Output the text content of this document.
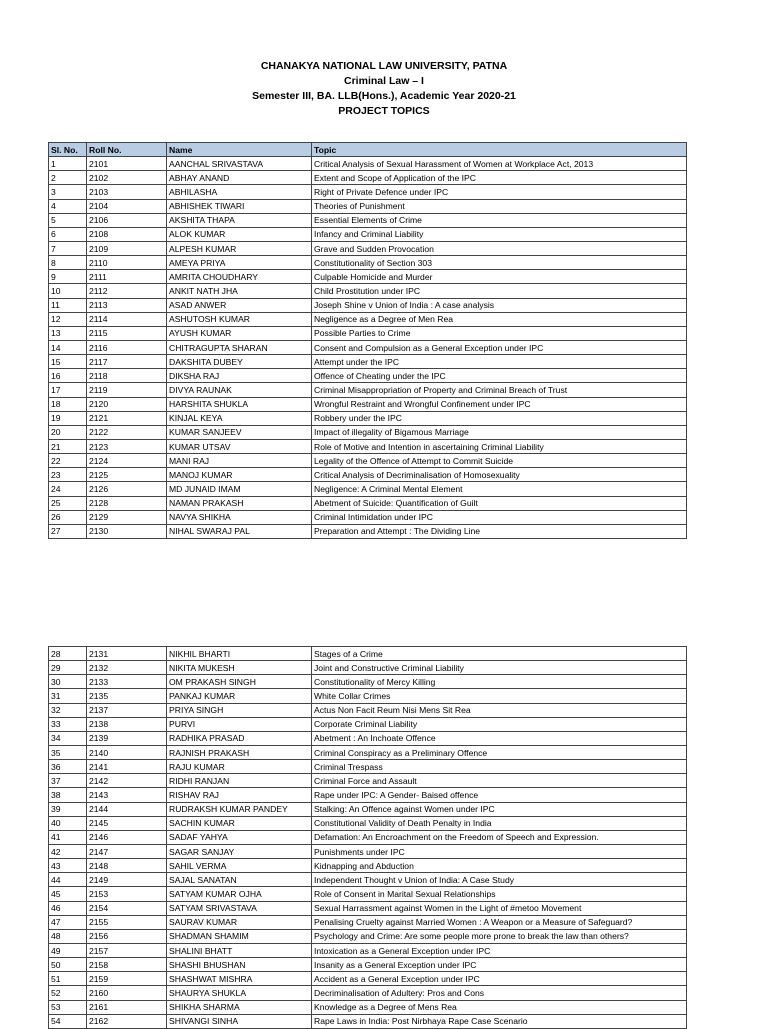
CHANAKYA NATIONAL LAW UNIVERSITY, PATNA
Criminal Law – I
Semester III, BA. LLB(Hons.), Academic Year 2020-21
PROJECT TOPICS
Sl. No.	Roll No.	Name	Topic
1	2101	AANCHAL SRIVASTAVA	Critical Analysis of Sexual Harassment of Women at Workplace Act, 2013
2	2102	ABHAY ANAND	Extent and Scope of Application of the IPC
3	2103	ABHILASHA	Right of Private Defence under IPC
4	2104	ABHISHEK TIWARI	Theories of Punishment
5	2106	AKSHITA THAPA	Essential Elements of Crime
6	2108	ALOK KUMAR	Infancy and Criminal Liability
7	2109	ALPESH KUMAR	Grave and Sudden Provocation
8	2110	AMEYA PRIYA	Constitutionality of Section 303
9	2111	AMRITA CHOUDHARY	Culpable Homicide and Murder
10	2112	ANKIT NATH JHA	Child Prostitution under IPC
11	2113	ASAD ANWER	Joseph Shine v Union of India : A case analysis
12	2114	ASHUTOSH KUMAR	Negligence as a Degree of Men Rea
13	2115	AYUSH KUMAR	Possible Parties to Crime
14	2116	CHITRAGUPTA SHARAN	Consent and Compulsion as a General Exception under IPC
15	2117	DAKSHITA DUBEY	Attempt under the IPC
16	2118	DIKSHA RAJ	Offence of Cheating under the IPC
17	2119	DIVYA RAUNAK	Criminal Misappropriation of Property and Criminal Breach of Trust
18	2120	HARSHITA SHUKLA	Wrongful Restraint and Wrongful Confinement under IPC
19	2121	KINJAL KEYA	Robbery under the IPC
20	2122	KUMAR SANJEEV	Impact of illegality of Bigamous Marriage
21	2123	KUMAR UTSAV	Role of Motive and Intention in ascertaining Criminal Liability
22	2124	MANI RAJ	Legality of the Offence of Attempt to Commit Suicide
23	2125	MANOJ KUMAR	Critical Analysis of Decriminalisation of Homosexuality
24	2126	MD JUNAID IMAM	Negligence: A Criminal Mental Element
25	2128	NAMAN PRAKASH	Abetment of Suicide: Quantification of Guilt
26	2129	NAVYA SHIKHA	Criminal Intimidation under IPC
27	2130	NIHAL SWARAJ PAL	Preparation and Attempt : The Dividing Line
28	2131	NIKHIL BHARTI	Stages of a Crime
29	2132	NIKITA MUKESH	Joint and Constructive Criminal Liability
30	2133	OM PRAKASH SINGH	Constitutionality of Mercy Killing
31	2135	PANKAJ KUMAR	White Collar Crimes
32	2137	PRIYA SINGH	Actus Non Facit Reum Nisi Mens Sit Rea
33	2138	PURVI	Corporate Criminal Liability
34	2139	RADHIKA PRASAD	Abetment : An Inchoate Offence
35	2140	RAJNISH PRAKASH	Criminal Conspiracy as a Preliminary Offence
36	2141	RAJU KUMAR	Criminal Trespass
37	2142	RIDHI RANJAN	Criminal Force and Assault
38	2143	RISHAV RAJ	Rape under IPC: A Gender- Baised offence
39	2144	RUDRAKSH KUMAR PANDEY	Stalking: An Offence against Women under IPC
40	2145	SACHIN KUMAR	Constitutional Validity of Death Penalty in India
41	2146	SADAF YAHYA	Defamation: An Encroachment on the Freedom of Speech and Expression.
42	2147	SAGAR SANJAY	Punishments under IPC
43	2148	SAHIL VERMA	Kidnapping and Abduction
44	2149	SAJAL SANATAN	Independent Thought v Union of India: A Case Study
45	2153	SATYAM KUMAR OJHA	Role of Consent in Marital Sexual Relationships
46	2154	SATYAM SRIVASTAVA	Sexual Harrassment against Women in the Light of #metoo Movement
47	2155	SAURAV KUMAR	Penalising Cruelty against Married Women : A Weapon or a Measure of Safeguard?
48	2156	SHADMAN SHAMIM	Psychology and Crime: Are some people more prone to break the law than others?
49	2157	SHALINI BHATT	Intoxication as a General Exception under IPC
50	2158	SHASHI BHUSHAN	Insanity as a General Exception under IPC
51	2159	SHASHWAT MISHRA	Accident as a General Exception under IPC
52	2160	SHAURYA SHUKLA	Decriminalisation of Adultery: Pros and Cons
53	2161	SHIKHA SHARMA	Knowledge as a Degree of Mens Rea
54	2162	SHIVANGI SINHA	Rape Laws in India: Post Nirbhaya Rape Case Scenario
